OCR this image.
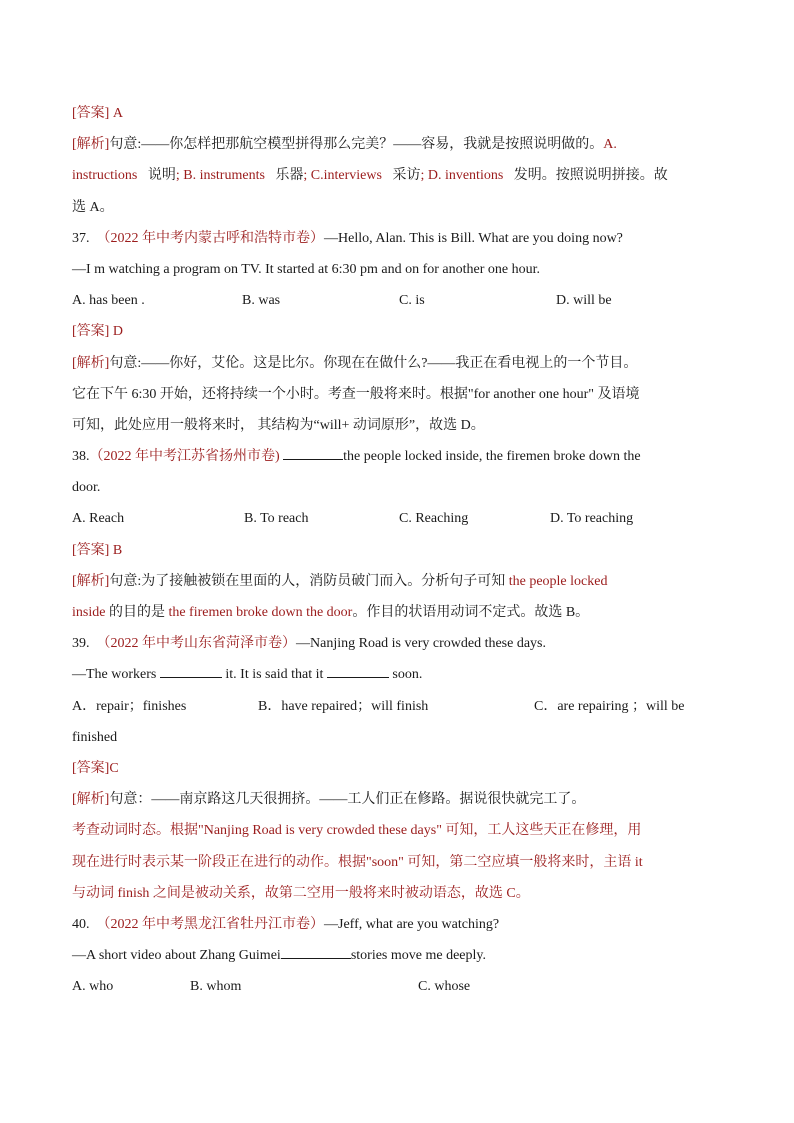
[答案] A
[解析]句意:——你怎样把那航空模型拼得那么完美？——容易，我就是按照说明做的。A.
instructions 说明; B. instruments 乐器; C.interviews 采访; D. inventions 发明。按照说明拼接。故
选 A。
37. （2022 年中考内蒙古呼和浩特市卷）—Hello, Alan. This is Bill. What are you doing now?
—I m watching a program on TV. It started at 6:30 pm and on for another one hour.
A. has been .	B. was	C. is	D. will be
[答案] D
[解析]句意:——你好，艾伦。这是比尔。你现在在做什么?——我正在看电视上的一个节目。
它在下午 6:30 开始，还将持续一个小时。考查一般将来时。根据"for another one hour" 及语境
可知，此处应用一般将来时， 其结构为“will+ 动词原形”，故选 D。
38.（2022 年中考江苏省扬州市卷)	the people locked inside, the firemen broke down the
door.
A. Reach	B. To reach	C. Reaching	D. To reaching
[答案] B
[解析]句意:为了接触被锁在里面的人，消防员破门而入。分析句子可知 the people locked
inside 的目的是 the firemen broke down the door。作目的状语用动词不定式。故选 B。
39. （2022 年中考山东省菏泽市卷）—Nanjing Road is very crowded these days.
—The workers	it. It is said that it	soon.
A．repair；finishes	B．have repaired；will finish	C．are repairing ；will be
finished
[答案]C
[解析]句意：——南京路这几天很拥挤。——工人们正在修路。据说很快就完工了。
考查动词时态。根据"Nanjing Road is very crowded these days" 可知，工人这些天正在修理，用
现在进行时表示某一阶段正在进行的动作。根据"soon" 可知，第二空应填一般将来时，主语 it
与动词 finish 之间是被动关系，故第二空用一般将来时被动语态，故选 C。
40. （2022 年中考黑龙江省牡丹江市卷）—Jeff, what are you watching?
—A short video about Zhang Guimei	stories move me deeply.
A. who	B. whom	C. whose
